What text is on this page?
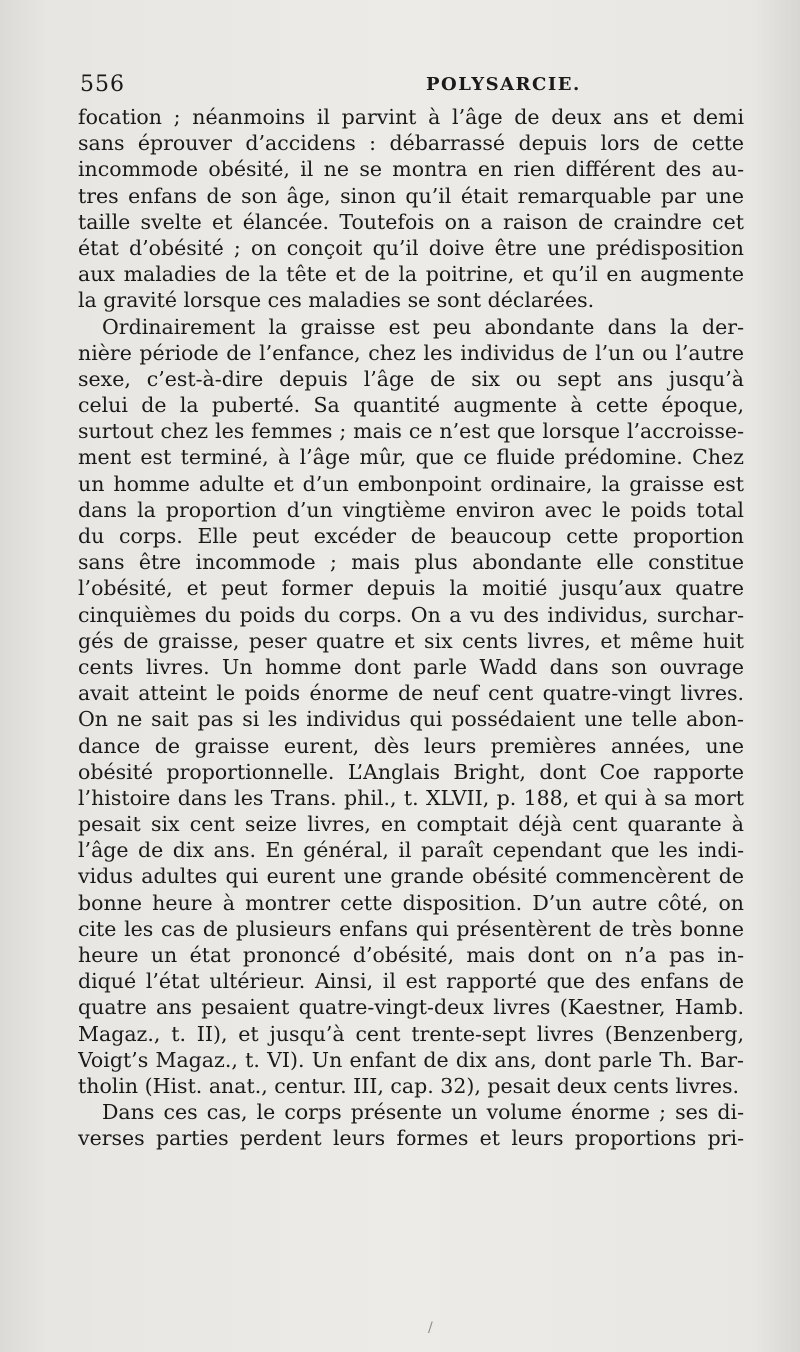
556	POLYSARCIE.
focation ; néanmoins il parvint à l’âge de deux ans et demi
sans éprouver d’accidens : débarrassé depuis lors de cette
incommode obésité, il ne se montra en rien différent des au-
tres enfans de son âge, sinon qu’il était remarquable par une
taille svelte et élancée. Toutefois on a raison de craindre cet
état d’obésité ; on conçoit qu’il doive être une prédisposition
aux maladies de la tête et de la poitrine, et qu’il en augmente
la gravité lorsque ces maladies se sont déclarées.
Ordinairement la graisse est peu abondante dans la der-
nière période de l’enfance, chez les individus de l’un ou l’autre
sexe, c’est-à-dire depuis l’âge de six ou sept ans jusqu’à
celui de la puberté. Sa quantité augmente à cette époque,
surtout chez les femmes ; mais ce n’est que lorsque l’accroisse-
ment est terminé, à l’âge mûr, que ce fluide prédomine. Chez
un homme adulte et d’un embonpoint ordinaire, la graisse est
dans la proportion d’un vingtième environ avec le poids total
du corps. Elle peut excéder de beaucoup cette proportion
sans être incommode ; mais plus abondante elle constitue
l’obésité, et peut former depuis la moitié jusqu’aux quatre
cinquièmes du poids du corps. On a vu des individus, surchar-
gés de graisse, peser quatre et six cents livres, et même huit
cents livres. Un homme dont parle Wadd dans son ouvrage
avait atteint le poids énorme de neuf cent quatre-vingt livres.
On ne sait pas si les individus qui possédaient une telle abon-
dance de graisse eurent, dès leurs premières années, une
obésité proportionnelle. L’Anglais Bright, dont Coe rapporte
l’histoire dans les Trans. phil., t. XLVII, p. 188, et qui à sa mort
pesait six cent seize livres, en comptait déjà cent quarante à
l’âge de dix ans. En général, il paraît cependant que les indi-
vidus adultes qui eurent une grande obésité commencèrent de
bonne heure à montrer cette disposition. D’un autre côté, on
cite les cas de plusieurs enfans qui présentèrent de très bonne
heure un état prononcé d’obésité, mais dont on n’a pas in-
diqué l’état ultérieur. Ainsi, il est rapporté que des enfans de
quatre ans pesaient quatre-vingt-deux livres (Kaestner, Hamb.
Magaz., t. II), et jusqu’à cent trente-sept livres (Benzenberg,
Voigt’s Magaz., t. VI). Un enfant de dix ans, dont parle Th. Bar-
tholin (Hist. anat., centur. III, cap. 32), pesait deux cents livres.
Dans ces cas, le corps présente un volume énorme ; ses di-
verses parties perdent leurs formes et leurs proportions pri-
/
